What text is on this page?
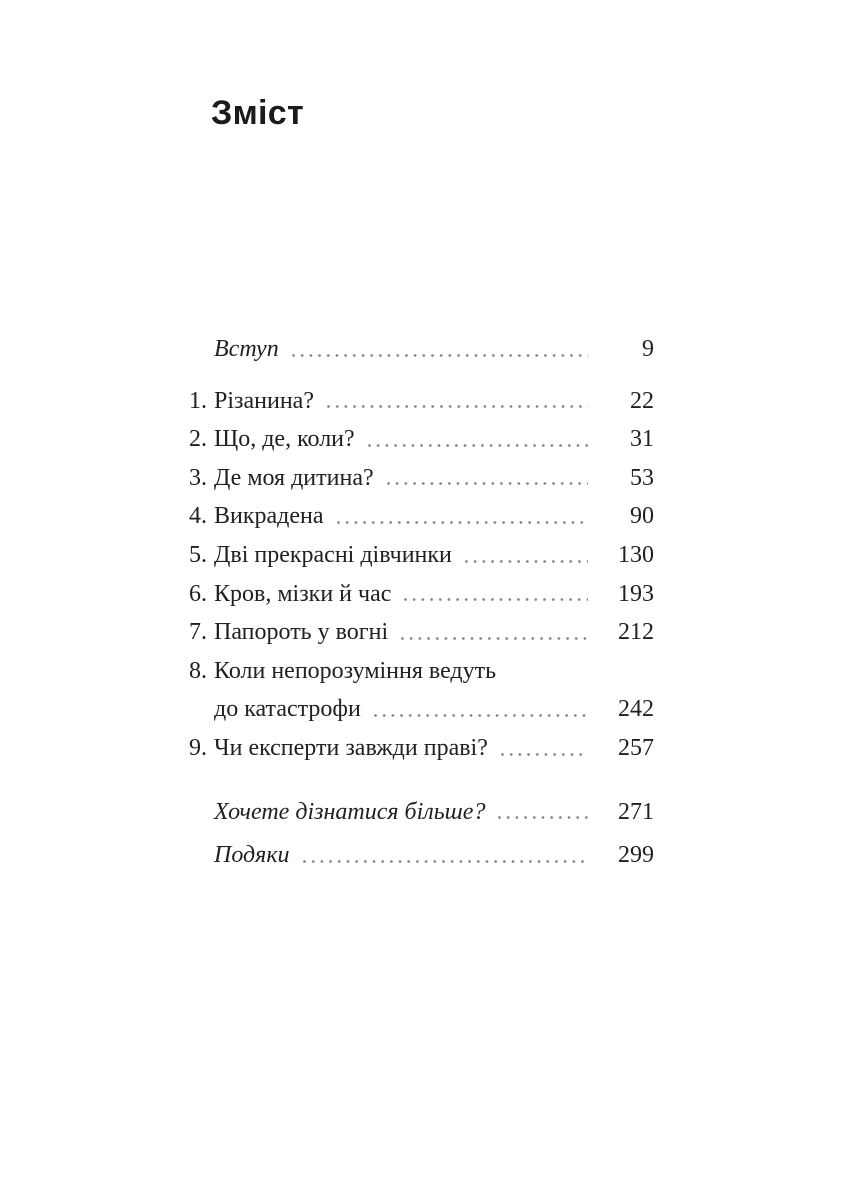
Зміст
Вступ	9
1. Різанина?	22
2. Що, де, коли?	31
3. Де моя дитина?	53
4. Викрадена	90
5. Дві прекрасні дівчинки	130
6. Кров, мізки й час	193
7. Папороть у вогні	212
8. Коли непорозуміння ведуть
до катастрофи	242
9. Чи експерти завжди праві?	257
Хочете дізнатися більше?	271
Подяки	299
